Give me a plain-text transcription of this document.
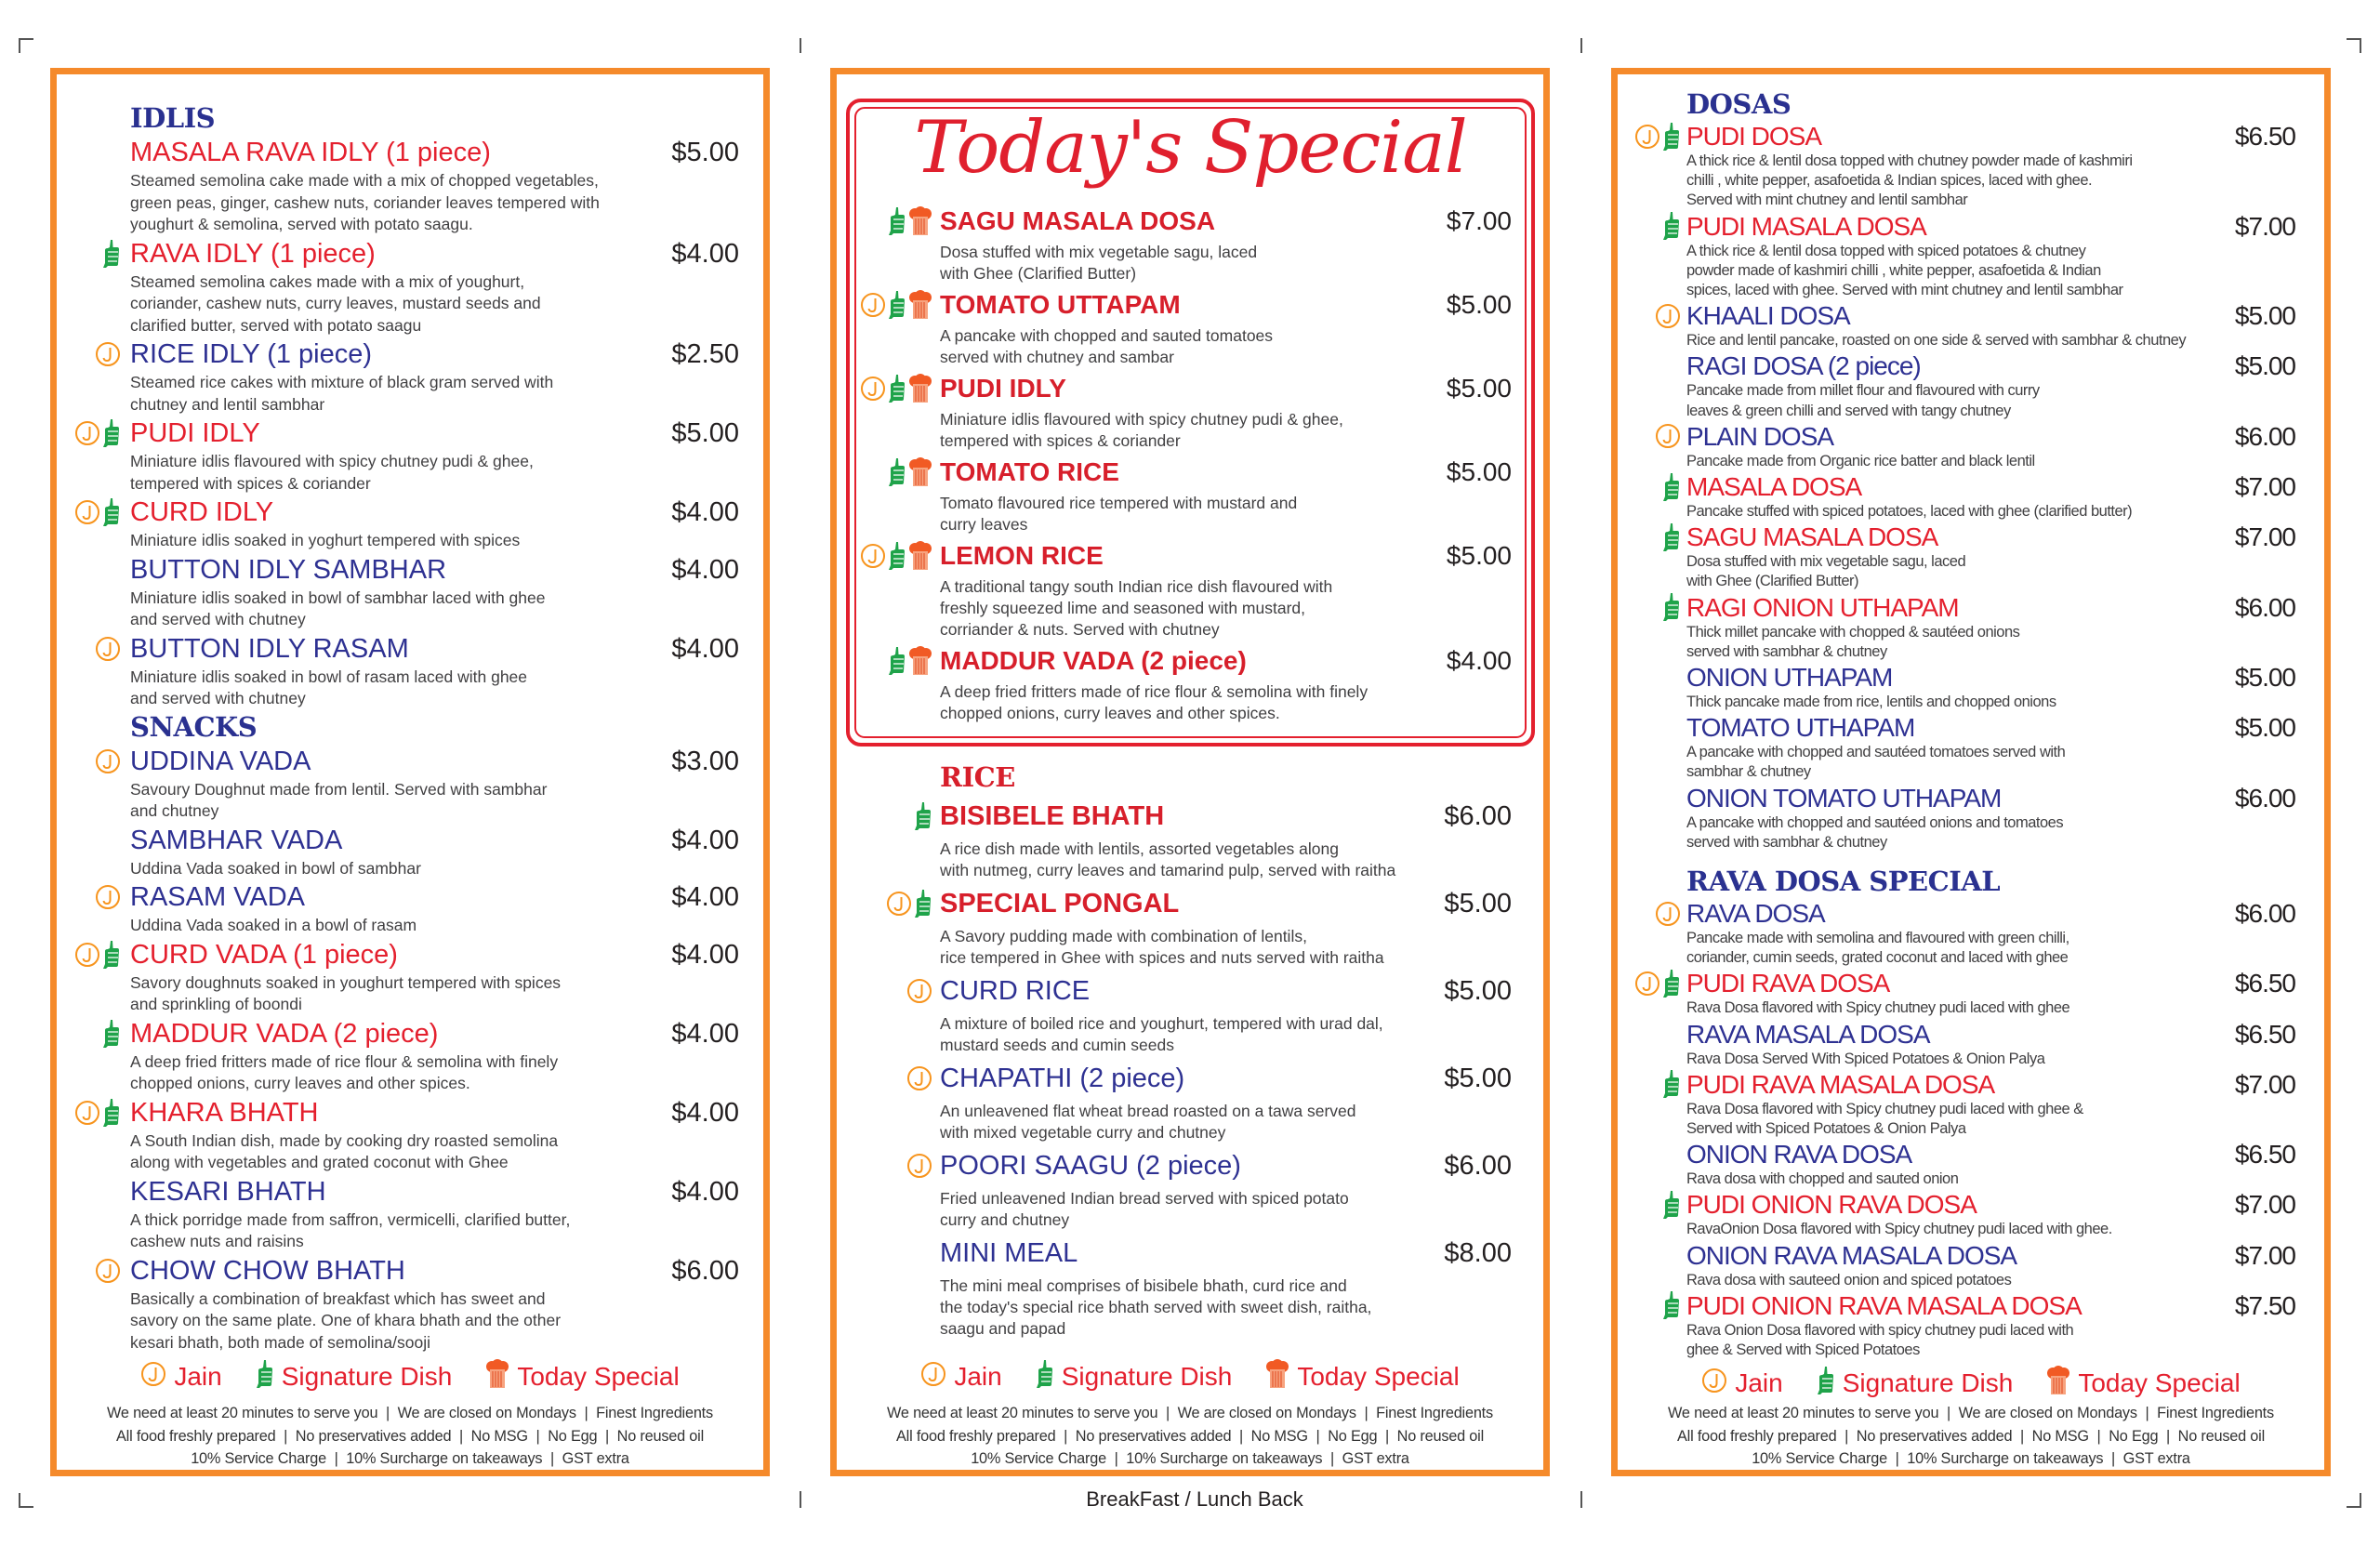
IDLIS
MASALA RAVA IDLY (1 piece)	$5.00
Steamed semolina cake made with a mix of chopped vegetables,
green peas, ginger, cashew nuts, coriander leaves tempered with
youghurt & semolina, served with potato saagu.
RAVA IDLY (1 piece)	$4.00
Steamed semolina cakes made with a mix of youghurt,
coriander, cashew nuts, curry leaves, mustard seeds and
clarified butter, served with potato saagu
RICE IDLY (1 piece)	$2.50
Steamed rice cakes with mixture of black gram served with
chutney and lentil sambhar
PUDI IDLY	$5.00
Miniature idlis flavoured with spicy chutney pudi & ghee,
tempered with spices & coriander
CURD IDLY	$4.00
Miniature idlis soaked in yoghurt tempered with spices
BUTTON IDLY SAMBHAR	$4.00
Miniature idlis soaked in bowl of sambhar laced with ghee
and served with chutney
BUTTON IDLY RASAM	$4.00
Miniature idlis soaked in bowl of rasam laced with ghee
and served with chutney
SNACKS
UDDINA VADA	$3.00
Savoury Doughnut made from lentil. Served with sambhar
and chutney
SAMBHAR VADA	$4.00
Uddina Vada soaked in bowl of sambhar
RASAM VADA	$4.00
Uddina Vada soaked in a bowl of rasam
CURD VADA (1 piece)	$4.00
Savory doughnuts soaked in youghurt tempered with spices
and sprinkling of boondi
MADDUR VADA (2 piece)	$4.00
A deep fried fritters made of rice flour & semolina with finely
chopped onions, curry leaves and other spices.
KHARA BHATH	$4.00
A South Indian dish, made by cooking dry roasted semolina
along with vegetables and grated coconut with Ghee
KESARI BHATH	$4.00
A thick porridge made from saffron, vermicelli, clarified butter,
cashew nuts and raisins
CHOW CHOW BHATH	$6.00
Basically a combination of breakfast which has sweet and
savory on the same plate. One of khara bhath and the other
kesari bhath, both made of semolina/sooji
Jain Signature Dish	Today Special
We need at least 20 minutes to serve you  |  We are closed on Mondays  |  Finest Ingredients
All food freshly prepared  |  No preservatives added  |  No MSG  |  No Egg  |  No reused oil
10% Service Charge  |  10% Surcharge on takeaways  |  GST extra
Today's Special
SAGU MASALA DOSA	$7.00
Dosa stuffed with mix vegetable sagu, laced
with Ghee (Clarified Butter)
TOMATO UTTAPAM	$5.00
A pancake with chopped and sauted tomatoes
served with chutney and sambar
PUDI IDLY	$5.00
Miniature idlis flavoured with spicy chutney pudi & ghee,
tempered with spices & coriander
TOMATO RICE	$5.00
Tomato flavoured rice tempered with mustard and
curry leaves
LEMON RICE	$5.00
A traditional tangy south Indian rice dish flavoured with
freshly squeezed lime and seasoned with mustard,
corriander & nuts. Served with chutney
MADDUR VADA (2 piece)	$4.00
A deep fried fritters made of rice flour & semolina with finely
chopped onions, curry leaves and other spices.
RICE
BISIBELE BHATH	$6.00
A rice dish made with lentils, assorted vegetables along
with nutmeg, curry leaves and tamarind pulp, served with raitha
SPECIAL PONGAL	$5.00
A Savory pudding made with combination of lentils,
rice tempered in Ghee with spices and nuts served with raitha
CURD RICE	$5.00
A mixture of boiled rice and youghurt, tempered with urad dal,
mustard seeds and cumin seeds
CHAPATHI (2 piece)	$5.00
An unleavened flat wheat bread roasted on a tawa served
with mixed vegetable curry and chutney
POORI SAAGU (2 piece)	$6.00
Fried unleavened Indian bread served with spiced potato
curry and chutney
MINI MEAL	$8.00
The mini meal comprises of bisibele bhath, curd rice and
the today's special rice bhath served with sweet dish, raitha,
saagu and papad
Jain Signature Dish	Today Special
We need at least 20 minutes to serve you  |  We are closed on Mondays  |  Finest Ingredients
All food freshly prepared  |  No preservatives added  |  No MSG  |  No Egg  |  No reused oil
10% Service Charge  |  10% Surcharge on takeaways  |  GST extra
DOSAS
PUDI DOSA	$6.50
A thick rice & lentil dosa topped with chutney powder made of kashmiri
chilli , white pepper, asafoetida & Indian spices, laced with ghee.
Served with mint chutney and lentil sambhar
PUDI MASALA DOSA	$7.00
A thick rice & lentil dosa topped with spiced potatoes & chutney
powder made of kashmiri chilli , white pepper, asafoetida & Indian
spices, laced with ghee. Served with mint chutney and lentil sambhar
KHAALI DOSA	$5.00
Rice and lentil pancake, roasted on one side & served with sambhar & chutney
RAGI DOSA (2 piece)	$5.00
Pancake made from millet flour and flavoured with curry
leaves & green chilli and served with tangy chutney
PLAIN DOSA	$6.00
Pancake made from Organic rice batter and black lentil
MASALA DOSA	$7.00
Pancake stuffed with spiced potatoes, laced with ghee (clarified butter)
SAGU MASALA DOSA	$7.00
Dosa stuffed with mix vegetable sagu, laced
with Ghee (Clarified Butter)
RAGI ONION UTHAPAM	$6.00
Thick millet pancake with chopped & sautéed onions
served with sambhar & chutney
ONION UTHAPAM	$5.00
Thick pancake made from rice, lentils and chopped onions
TOMATO UTHAPAM	$5.00
A pancake with chopped and sautéed tomatoes served with
sambhar & chutney
ONION TOMATO UTHAPAM	$6.00
A pancake with chopped and sautéed onions and tomatoes
served with sambhar & chutney
RAVA DOSA SPECIAL
RAVA DOSA	$6.00
Pancake made with semolina and flavoured with green chilli,
coriander, cumin seeds, grated coconut and laced with ghee
PUDI RAVA DOSA	$6.50
Rava Dosa flavored with Spicy chutney pudi laced with ghee
RAVA MASALA DOSA	$6.50
Rava Dosa Served With Spiced Potatoes & Onion Palya
PUDI RAVA MASALA DOSA	$7.00
Rava Dosa flavored with Spicy chutney pudi laced with ghee &
Served with Spiced Potatoes & Onion Palya
ONION RAVA DOSA	$6.50
Rava dosa with chopped and sauted onion
PUDI ONION RAVA DOSA	$7.00
RavaOnion Dosa flavored with Spicy chutney pudi laced with ghee.
ONION RAVA MASALA DOSA	$7.00
Rava dosa with sauteed onion and spiced potatoes
PUDI ONION RAVA MASALA DOSA	$7.50
Rava Onion Dosa flavored with spicy chutney pudi laced with
ghee & Served with Spiced Potatoes
Jain Signature Dish	Today Special
We need at least 20 minutes to serve you  |  We are closed on Mondays  |  Finest Ingredients
All food freshly prepared  |  No preservatives added  |  No MSG  |  No Egg  |  No reused oil
10% Service Charge  |  10% Surcharge on takeaways  |  GST extra
BreakFast / Lunch Back
